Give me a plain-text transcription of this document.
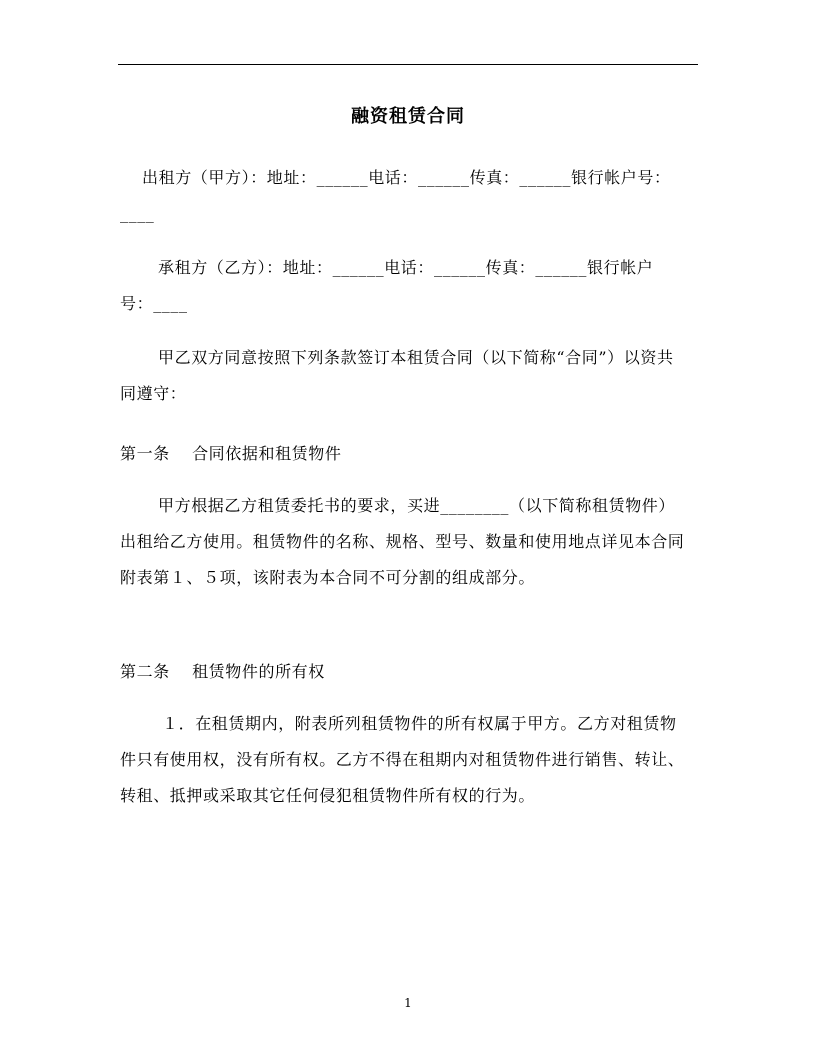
融资租赁合同
出租方（甲方）：地址：______电话：______传真：______银行帐户号：____
承租方（乙方）：地址：______电话：______传真：______银行帐户号：____
甲乙双方同意按照下列条款签订本租赁合同（以下简称“合同”）以资共同遵守：
第一条　 合同依据和租赁物件
甲方根据乙方租赁委托书的要求，买进________（以下简称租赁物件）出租给乙方使用。租赁物件的名称、规格、型号、数量和使用地点详见本合同附表第１、５项，该附表为本合同不可分割的组成部分。
第二条　 租赁物件的所有权
１．在租赁期内，附表所列租赁物件的所有权属于甲方。乙方对租赁物件只有使用权，没有所有权。乙方不得在租期内对租赁物件进行销售、转让、转租、抵押或采取其它任何侵犯租赁物件所有权的行为。
1
